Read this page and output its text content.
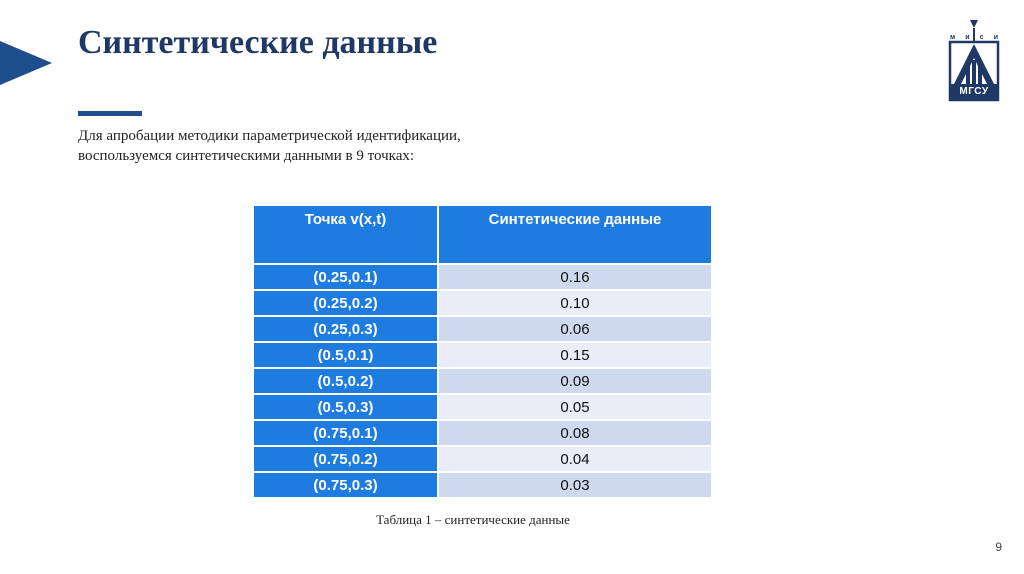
Синтетические данные
Для апробации методики параметрической идентификации,
воспользуемся синтетическими данными в 9 точках:
м и с и
МГСУ
Точка v(x,t)	Синтетические данные
(0.25,0.1)	0.16
(0.25,0.2)	0.10
(0.25,0.3)	0.06
(0.5,0.1)	0.15
(0.5,0.2)	0.09
(0.5,0.3)	0.05
(0.75,0.1)	0.08
(0.75,0.2)	0.04
(0.75,0.3)	0.03
Таблица 1 – синтетические данные
9
